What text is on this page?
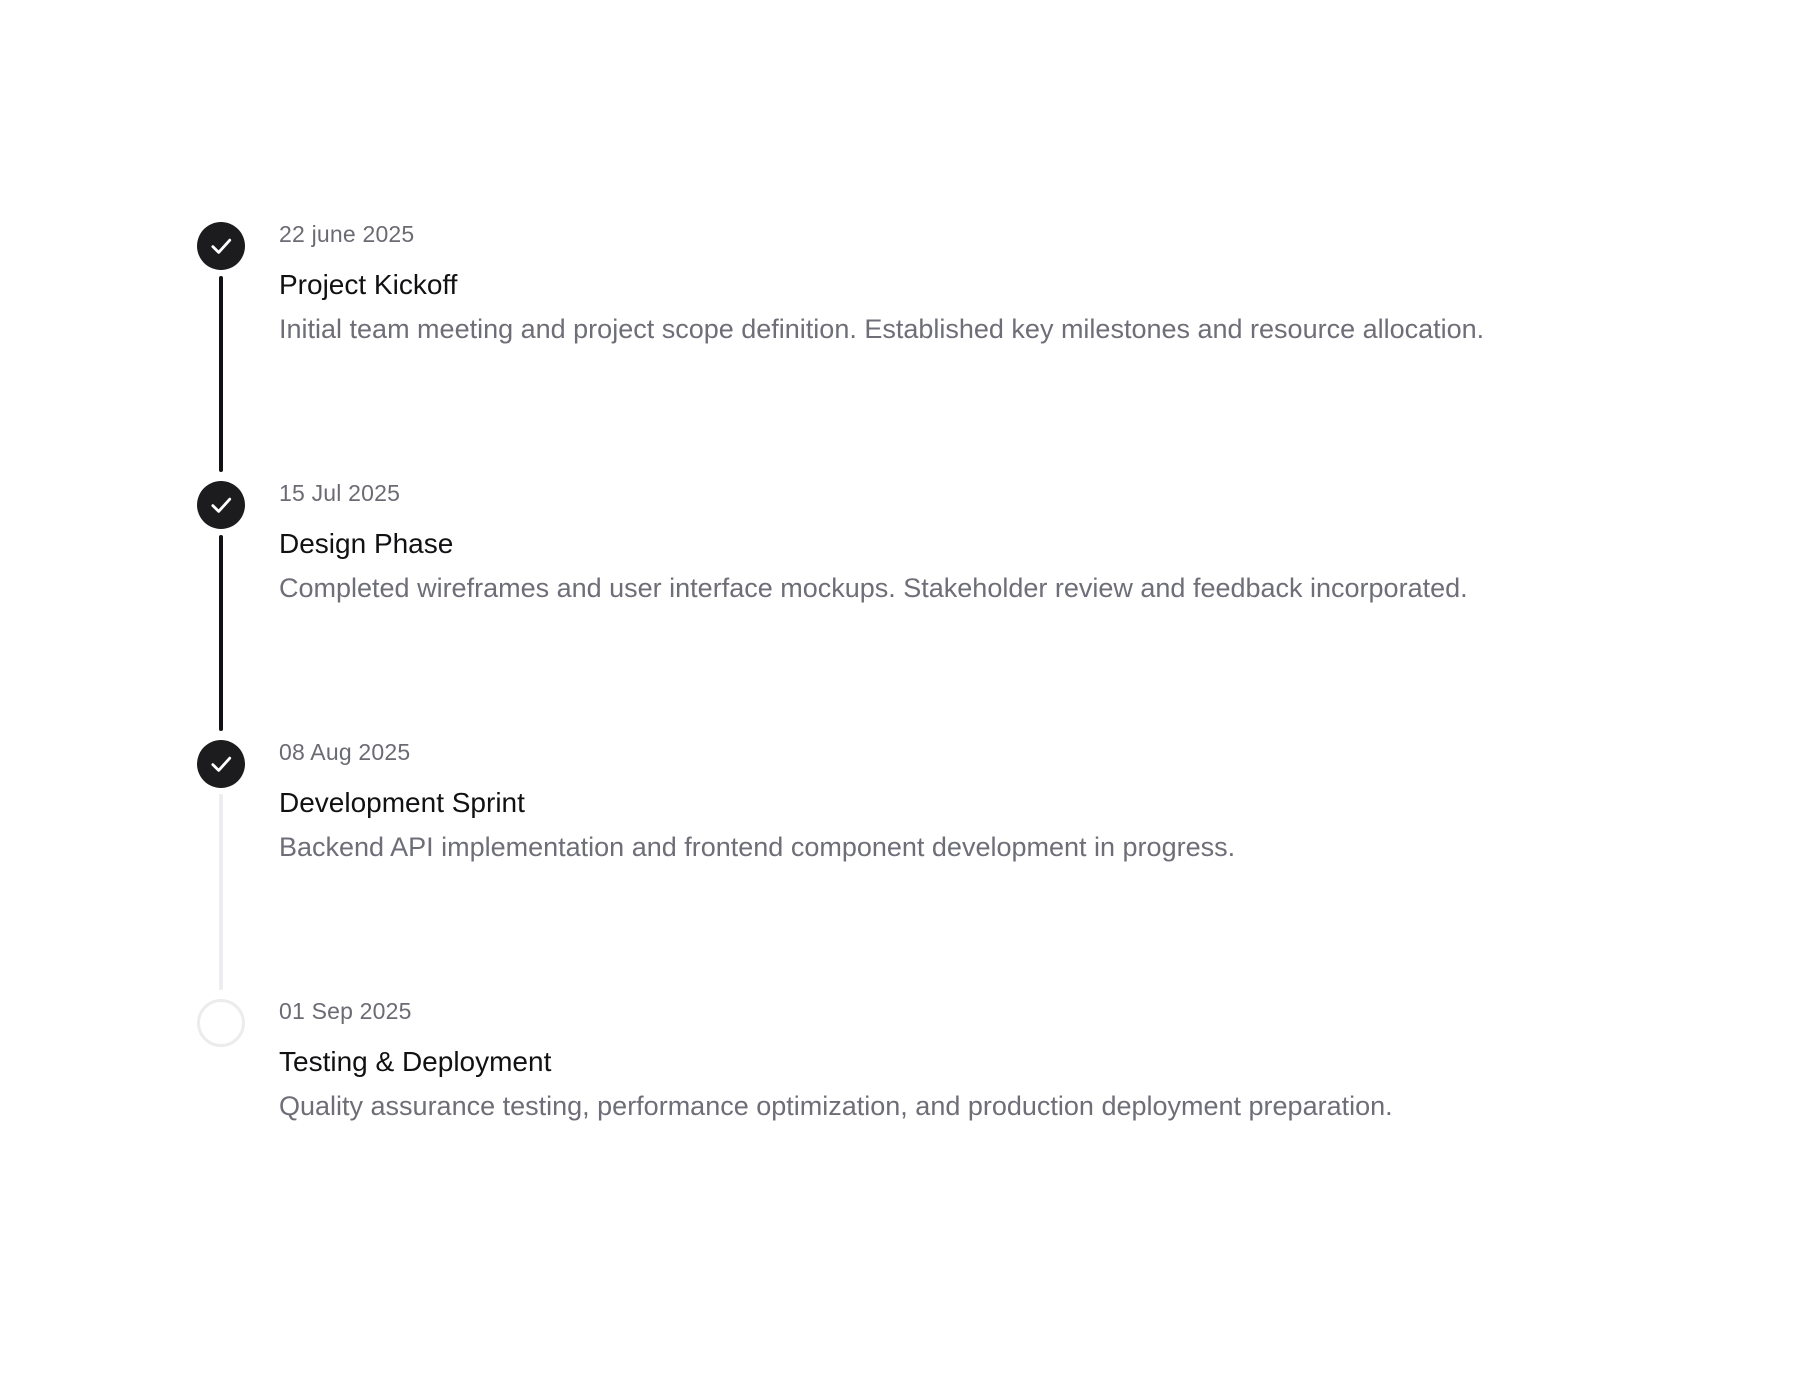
22 june 2025
Project Kickoff
Initial team meeting and project scope definition. Established key milestones and resource allocation.
15 Jul 2025
Design Phase
Completed wireframes and user interface mockups. Stakeholder review and feedback incorporated.
08 Aug 2025
Development Sprint
Backend API implementation and frontend component development in progress.
01 Sep 2025
Testing & Deployment
Quality assurance testing, performance optimization, and production deployment preparation.
